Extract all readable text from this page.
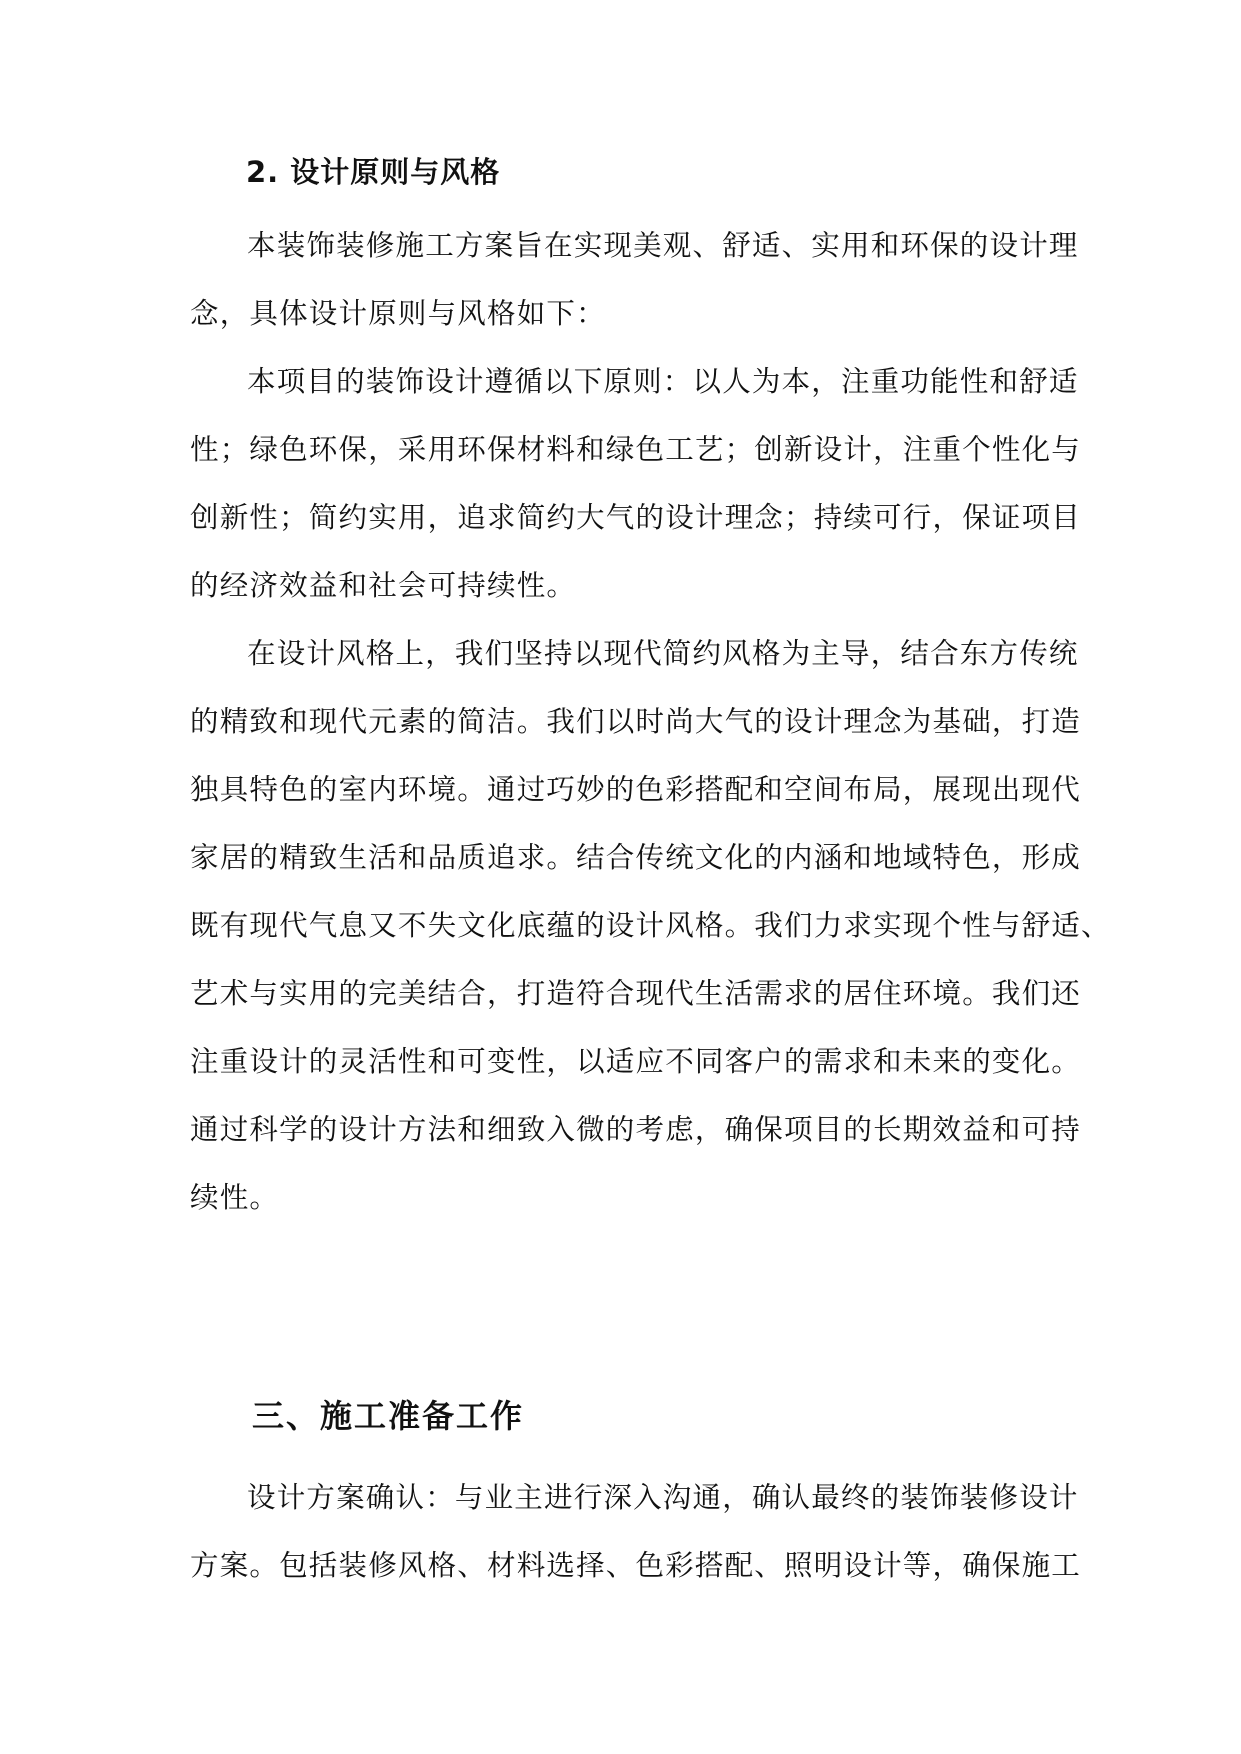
2. 设计原则与风格
本装饰装修施工方案旨在实现美观、舒适、实用和环保的设计理
念，具体设计原则与风格如下：
本项目的装饰设计遵循以下原则：以人为本，注重功能性和舒适
性；绿色环保，采用环保材料和绿色工艺；创新设计，注重个性化与
创新性；简约实用，追求简约大气的设计理念；持续可行，保证项目
的经济效益和社会可持续性。
在设计风格上，我们坚持以现代简约风格为主导，结合东方传统
的精致和现代元素的简洁。我们以时尚大气的设计理念为基础，打造
独具特色的室内环境。通过巧妙的色彩搭配和空间布局，展现出现代
家居的精致生活和品质追求。结合传统文化的内涵和地域特色，形成
既有现代气息又不失文化底蕴的设计风格。我们力求实现个性与舒适、
艺术与实用的完美结合，打造符合现代生活需求的居住环境。我们还
注重设计的灵活性和可变性，以适应不同客户的需求和未来的变化。
通过科学的设计方法和细致入微的考虑，确保项目的长期效益和可持
续性。
三、施工准备工作
设计方案确认：与业主进行深入沟通，确认最终的装饰装修设计
方案。包括装修风格、材料选择、色彩搭配、照明设计等，确保施工
